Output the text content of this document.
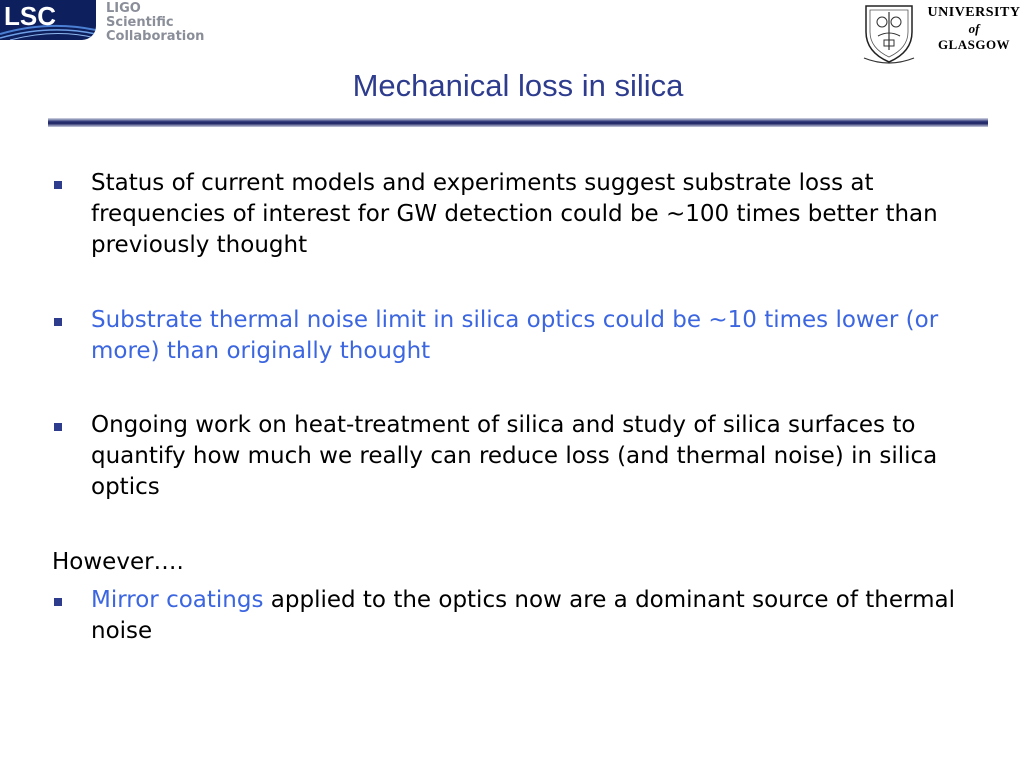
LSC	LIGO
Scientific
Collaboration
UNIVERSITY
of
GLASGOW
Mechanical loss in silica
Status of current models and experiments suggest substrate loss at frequencies of interest for GW detection could be ~100 times better than previously thought
Substrate thermal noise limit in silica optics could be ~10 times lower (or more) than originally thought
Ongoing work on heat-treatment of silica and study of silica surfaces to quantify how much we really can reduce loss (and thermal noise) in silica optics
However….
Mirror coatings applied to the optics now are a dominant source of thermal noise
